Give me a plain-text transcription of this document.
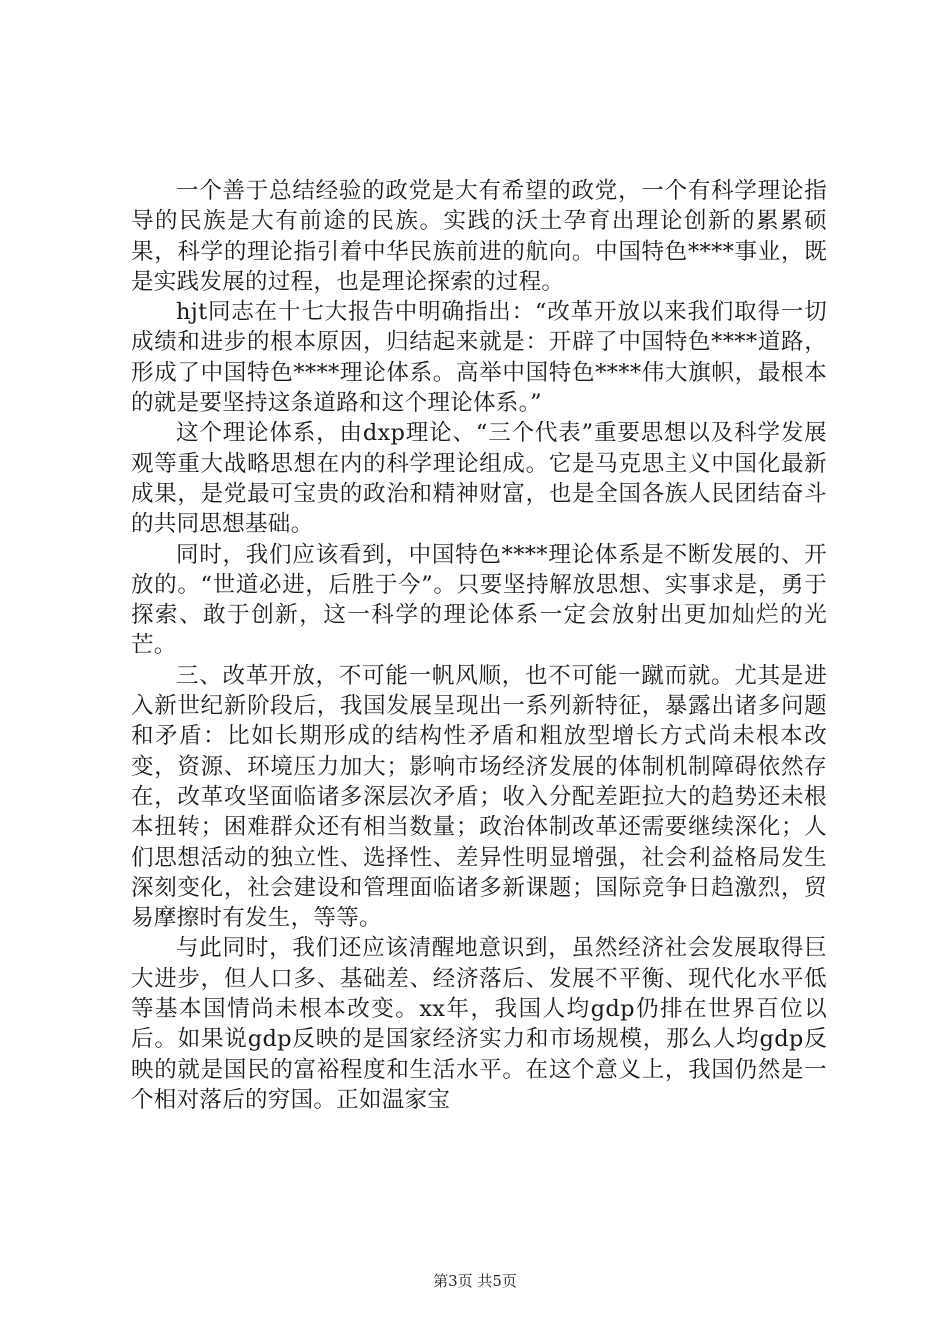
一个善于总结经验的政党是大有希望的政党，一个有科学理论指导的民族是大有前途的民族。实践的沃土孕育出理论创新的累累硕果，科学的理论指引着中华民族前进的航向。中国特色****事业，既是实践发展的过程，也是理论探索的过程。

hjt同志在十七大报告中明确指出：“改革开放以来我们取得一切成绩和进步的根本原因，归结起来就是：开辟了中国特色****道路，形成了中国特色****理论体系。高举中国特色****伟大旗帜，最根本的就是要坚持这条道路和这个理论体系。”

这个理论体系，由dxp理论、“三个代表”重要思想以及科学发展观等重大战略思想在内的科学理论组成。它是马克思主义中国化最新成果，是党最可宝贵的政治和精神财富，也是全国各族人民团结奋斗的共同思想基础。

同时，我们应该看到，中国特色****理论体系是不断发展的、开放的。“世道必进，后胜于今”。只要坚持解放思想、实事求是，勇于探索、敢于创新，这一科学的理论体系一定会放射出更加灿烂的光芒。

三、改革开放，不可能一帆风顺，也不可能一蹴而就。尤其是进入新世纪新阶段后，我国发展呈现出一系列新特征，暴露出诸多问题和矛盾：比如长期形成的结构性矛盾和粗放型增长方式尚未根本改变，资源、环境压力加大；影响市场经济发展的体制机制障碍依然存在，改革攻坚面临诸多深层次矛盾；收入分配差距拉大的趋势还未根本扭转；困难群众还有相当数量；政治体制改革还需要继续深化；人们思想活动的独立性、选择性、差异性明显增强，社会利益格局发生深刻变化，社会建设和管理面临诸多新课题；国际竞争日趋激烈，贸易摩擦时有发生，等等。

与此同时，我们还应该清醒地意识到，虽然经济社会发展取得巨大进步，但人口多、基础差、经济落后、发展不平衡、现代化水平低等基本国情尚未根本改变。xx年，我国人均gdp仍排在世界百位以后。如果说gdp反映的是国家经济实力和市场规模，那么人均gdp反映的就是国民的富裕程度和生活水平。在这个意义上，我国仍然是一个相对落后的穷国。正如温家宝

第3页 共5页
